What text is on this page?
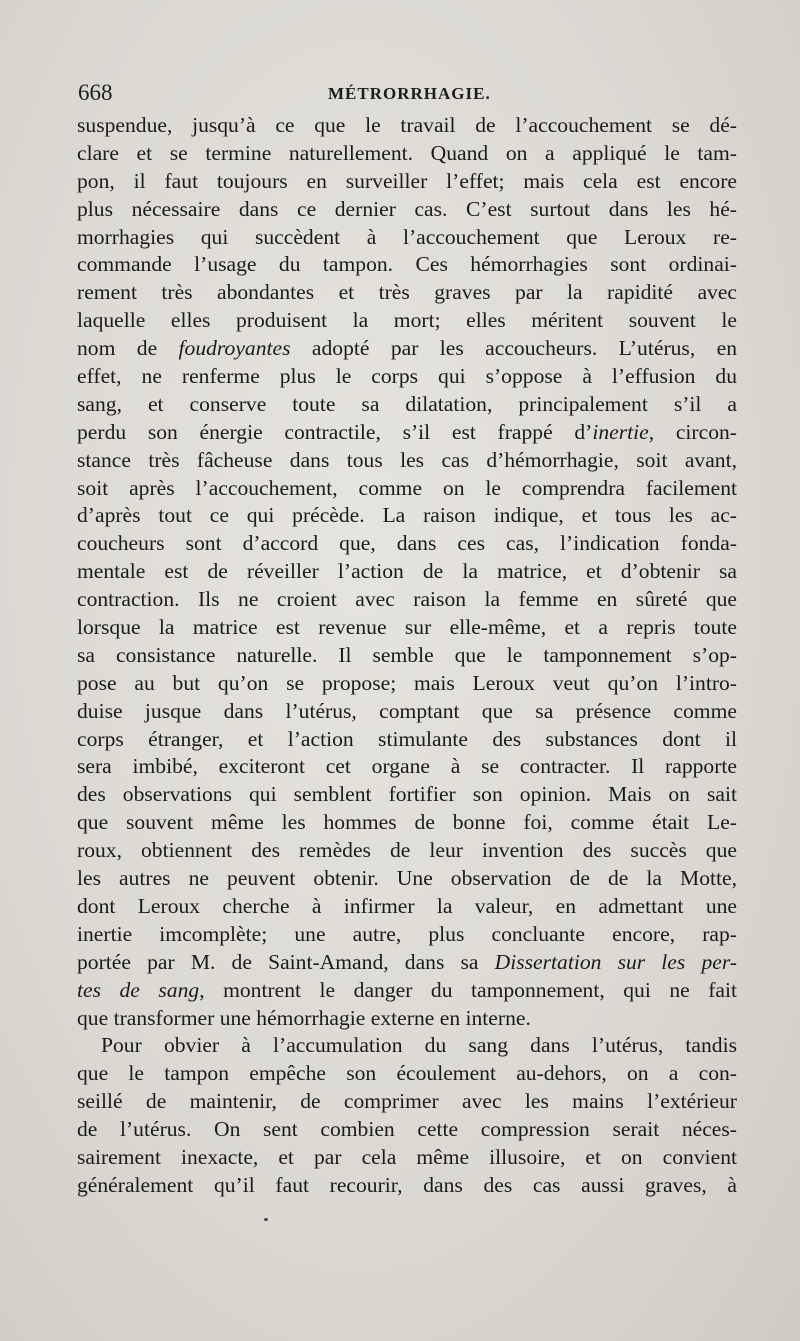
668	MÉTRORRHAGIE.
suspendue, jusqu’à ce que le travail de l’accouchement se dé-
clare et se termine naturellement. Quand on a appliqué le tam-
pon, il faut toujours en surveiller l’effet; mais cela est encore
plus nécessaire dans ce dernier cas. C’est surtout dans les hé-
morrhagies qui succèdent à l’accouchement que Leroux re-
commande l’usage du tampon. Ces hémorrhagies sont ordinai-
rement très abondantes et très graves par la rapidité avec
laquelle elles produisent la mort; elles méritent souvent le
nom de foudroyantes adopté par les accoucheurs. L’utérus, en
effet, ne renferme plus le corps qui s’oppose à l’effusion du
sang, et conserve toute sa dilatation, principalement s’il a
perdu son énergie contractile, s’il est frappé d’inertie, circon-
stance très fâcheuse dans tous les cas d’hémorrhagie, soit avant,
soit après l’accouchement, comme on le comprendra facilement
d’après tout ce qui précède. La raison indique, et tous les ac-
coucheurs sont d’accord que, dans ces cas, l’indication fonda-
mentale est de réveiller l’action de la matrice, et d’obtenir sa
contraction. Ils ne croient avec raison la femme en sûreté que
lorsque la matrice est revenue sur elle-même, et a repris toute
sa consistance naturelle. Il semble que le tamponnement s’op-
pose au but qu’on se propose; mais Leroux veut qu’on l’intro-
duise jusque dans l’utérus, comptant que sa présence comme
corps étranger, et l’action stimulante des substances dont il
sera imbibé, exciteront cet organe à se contracter. Il rapporte
des observations qui semblent fortifier son opinion. Mais on sait
que souvent même les hommes de bonne foi, comme était Le-
roux, obtiennent des remèdes de leur invention des succès que
les autres ne peuvent obtenir. Une observation de de la Motte,
dont Leroux cherche à infirmer la valeur, en admettant une
inertie imcomplète; une autre, plus concluante encore, rap-
portée par M. de Saint-Amand, dans sa Dissertation sur les per-
tes de sang, montrent le danger du tamponnement, qui ne fait
que transformer une hémorrhagie externe en interne.
Pour obvier à l’accumulation du sang dans l’utérus, tandis
que le tampon empêche son écoulement au-dehors, on a con-
seillé de maintenir, de comprimer avec les mains l’extérieur
de l’utérus. On sent combien cette compression serait néces-
sairement inexacte, et par cela même illusoire, et on convient
généralement qu’il faut recourir, dans des cas aussi graves, à
